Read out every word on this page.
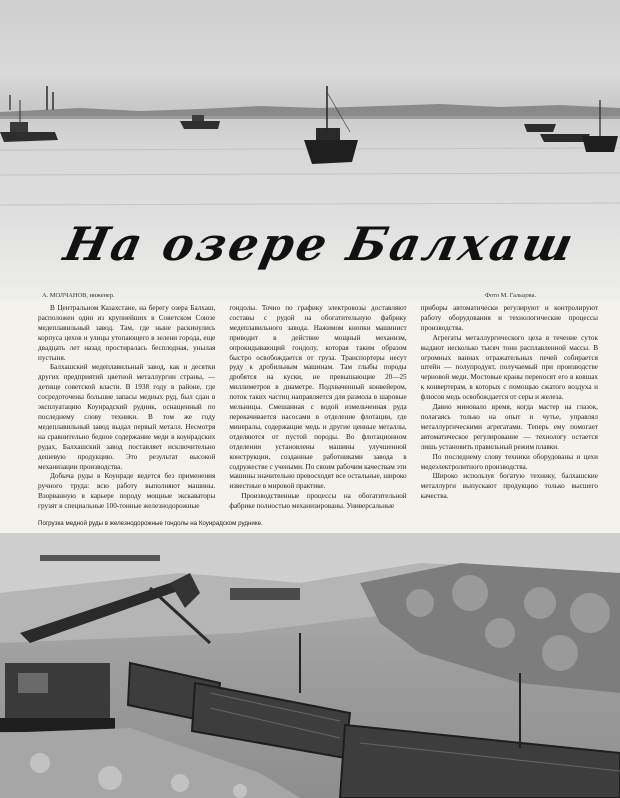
На озере Балхаш
А. МОЛЧАНОВ, инженер.	Фото М. Гальцова.

В Центральном Казахстане, на берегу озера Балхаш, расположен один из крупнейших в Советском Союзе медеплавильный завод. Там, где ныне раскинулись корпуса цехов и улицы утопающего в зелени города, еще двадцать лет назад простиралась бесплодная, унылая пустыня.

Балхашский медеплавильный завод, как и десятки других предприятий цветной металлургии страны, — детище советской власти. В 1938 году в районе, где сосредоточены большие запасы медных руд, был сдан в эксплуатацию Коунрадский рудник, оснащенный по последнему слову техники. В том же году медеплавильный завод выдал первый металл. Несмотря на сравнительно бедное содержание меди в коунрадских рудах, Балхашский завод поставляет исключительно дешевую продукцию. Это результат высокой механизации производства.

Добыча руды в Коунраде ведется без применения ручного труда: всю работу выполняют машины. Взорванную в карьере породу мощные экскаваторы грузят в специальные 100-тонные железнодорожные

гондолы. Точно по графику электровозы доставляют составы с рудой на обогатительную фабрику медеплавильного завода. Нажимом кнопки машинист приводит в действие мощный механизм, опрокидывающий гондолу, которая таким образом быстро освобождается от груза. Транспортеры несут руду к дробильным машинам. Там глыбы породы дробятся на куски, не превышающие 20—25 миллиметров в диаметре. Подхваченный конвейером, поток таких частиц направляется для размола в шаровые мельницы. Смешанная с водой измельченная руда перекачивается насосами в отделение флотации, где минералы, содержащие медь и другие ценные металлы, отделяются от пустой породы. Во флотационном отделении установлены машины улучшенной конструкции, созданные работниками завода в содружестве с учеными. По своим рабочим качествам эти машины значительно превосходят все остальные, широко известные в мировой практике.

Производственные процессы на обогатительной фабрике полностью механизированы. Универсальные

приборы автоматически регулируют и контролируют работу оборудования и технологические процессы производства.

Агрегаты металлургического цеха в течение суток выдают несколько тысяч тонн расплавленной массы. В огромных ваннах отражательных печей собирается штейн — полупродукт, получаемый при производстве черновой меди. Мостовые краны переносят его в ковшах к конвертерам, в которых с помощью сжатого воздуха и флюсов медь освобождается от серы и железа.

Давно миновало время, когда мастер на глазок, полагаясь только на опыт и чутье, управлял металлургическими агрегатами. Теперь ему помогает автоматическое регулирование — технологу остается лишь установить правильный режим плавки.

По последнему слову техники оборудованы и цехи медеэлектролитного производства.

Широко используя богатую технику, балхашские металлурги выпускают продукцию только высшего качества.

Погрузка медной руды в железнодорожные гондолы на Коунрадском руднике.
